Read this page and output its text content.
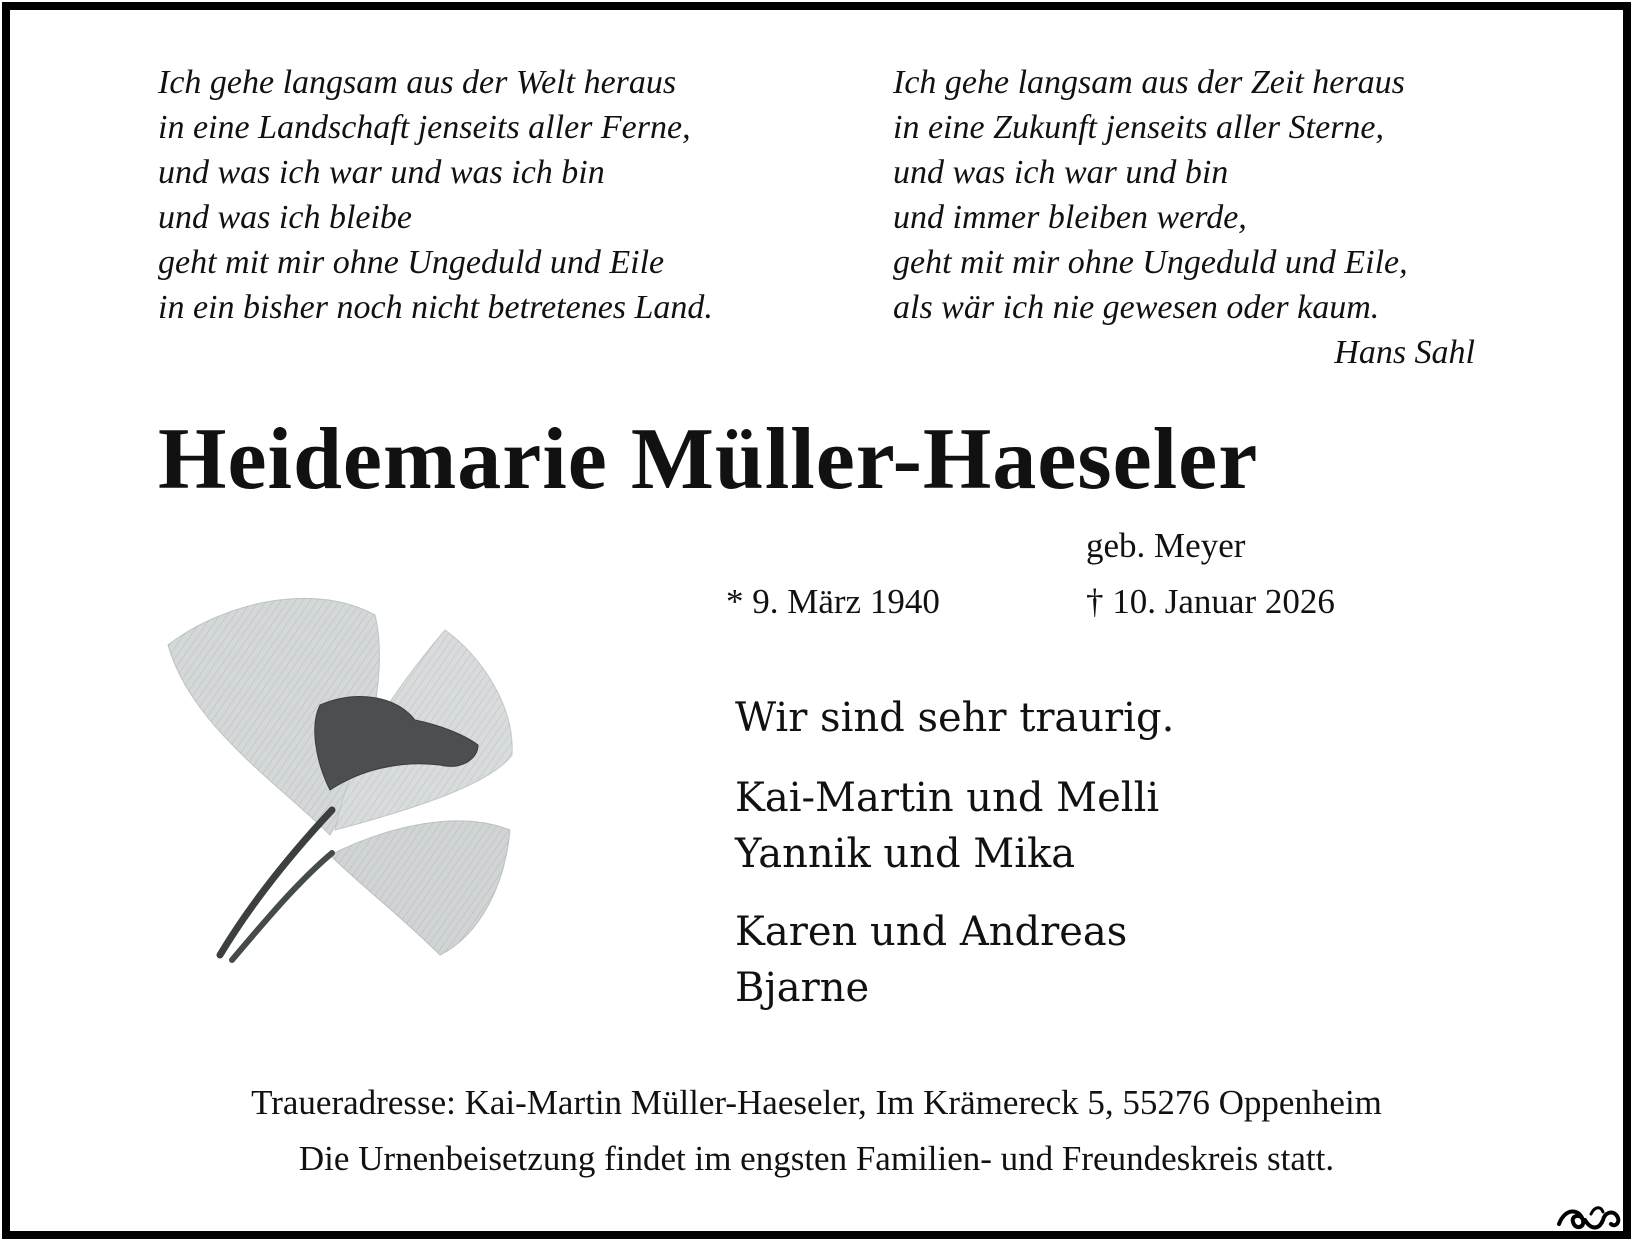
Ich gehe langsam aus der Welt heraus
in eine Landschaft jenseits aller Ferne,
und was ich war und was ich bin
und was ich bleibe
geht mit mir ohne Ungeduld und Eile
in ein bisher noch nicht betretenes Land.
Ich gehe langsam aus der Zeit heraus
in eine Zukunft jenseits aller Sterne,
und was ich war und bin
und immer bleiben werde,
geht mit mir ohne Ungeduld und Eile,
als wär ich nie gewesen oder kaum.
Hans Sahl
Heidemarie Müller-Haeseler
geb. Meyer
* 9. März 1940	† 10. Januar 2026
Wir sind sehr traurig.
Kai-Martin und Melli
Yannik und Mika
Karen und Andreas
Bjarne
Traueradresse: Kai-Martin Müller-Haeseler, Im Krämereck 5, 55276 Oppenheim
Die Urnenbeisetzung findet im engsten Familien- und Freundeskreis statt.
